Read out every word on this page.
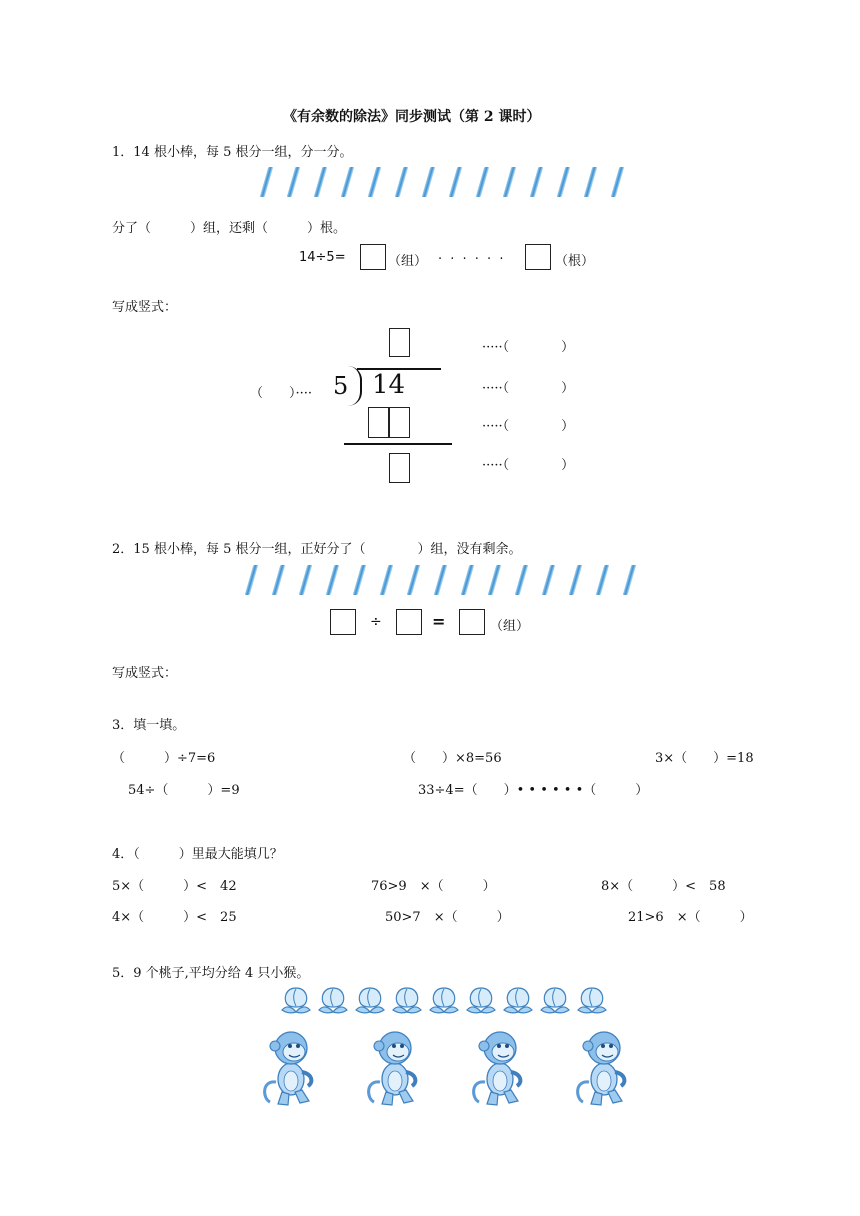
《有余数的除法》同步测试（第 2 课时）
1．14 根小棒，每 5 根分一组，分一分。
分了（　　　）组，还剩（　　　）根。
14÷5=	（组） · · · · · ·	（根）
写成竖式：
（　　）···· 5 14
·····（　　　　）
·····（　　　　）
·····（　　　　）
·····（　　　　）
2．15 根小棒，每 5 根分一组，正好分了（　　　　）组，没有剩余。
÷	=	（组）
写成竖式：
3．填一填。
（　　　）÷7=6	（　　）×8=56	3×（　　）=18
54÷（　　　）=9	33÷4=（　　）• • • • • •（　　　）
4．（　　　）里最大能填几？
5×（　　　）<　42	76>9　×（　　　）	8×（　　　）<　58
4×（　　　）<　25	50>7　×（　　　）	21>6　×（　　　）
5．9 个桃子,平均分给 4 只小猴。
